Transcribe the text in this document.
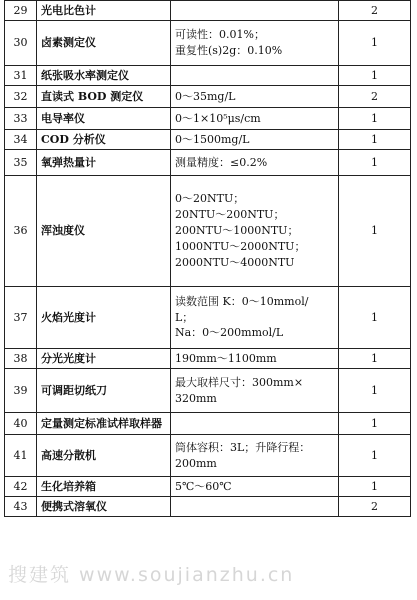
29	光电比色计		2
30	卤素测定仪	可读性：0.01%；
重复性(s)2g：0.10%	1
31	纸张吸水率测定仪		1
32	直读式 BOD 测定仪	0～35mg/L	2
33	电导率仪	0～1×10⁵μs/cm	1
34	COD 分析仪	0～1500mg/L	1
35	氧弹热量计	测量精度：≤0.2%	1
36	浑浊度仪	0～20NTU；
20NTU～200NTU；
200NTU～1000NTU；
1000NTU～2000NTU；
2000NTU～4000NTU	1
37	火焰光度计	读数范围 K：0～10mmol/
L；
Na：0～200mmol/L	1
38	分光光度计	190mm～1100mm	1
39	可调距切纸刀	最大取样尺寸：300mm×
320mm	1
40	定量测定标准试样取样器		1
41	高速分散机	筒体容积：3L；升降行程：
200mm	1
42	生化培养箱	5℃～60℃	1
43	便携式溶氧仪		2
搜建筑 www.soujianzhu.cn
